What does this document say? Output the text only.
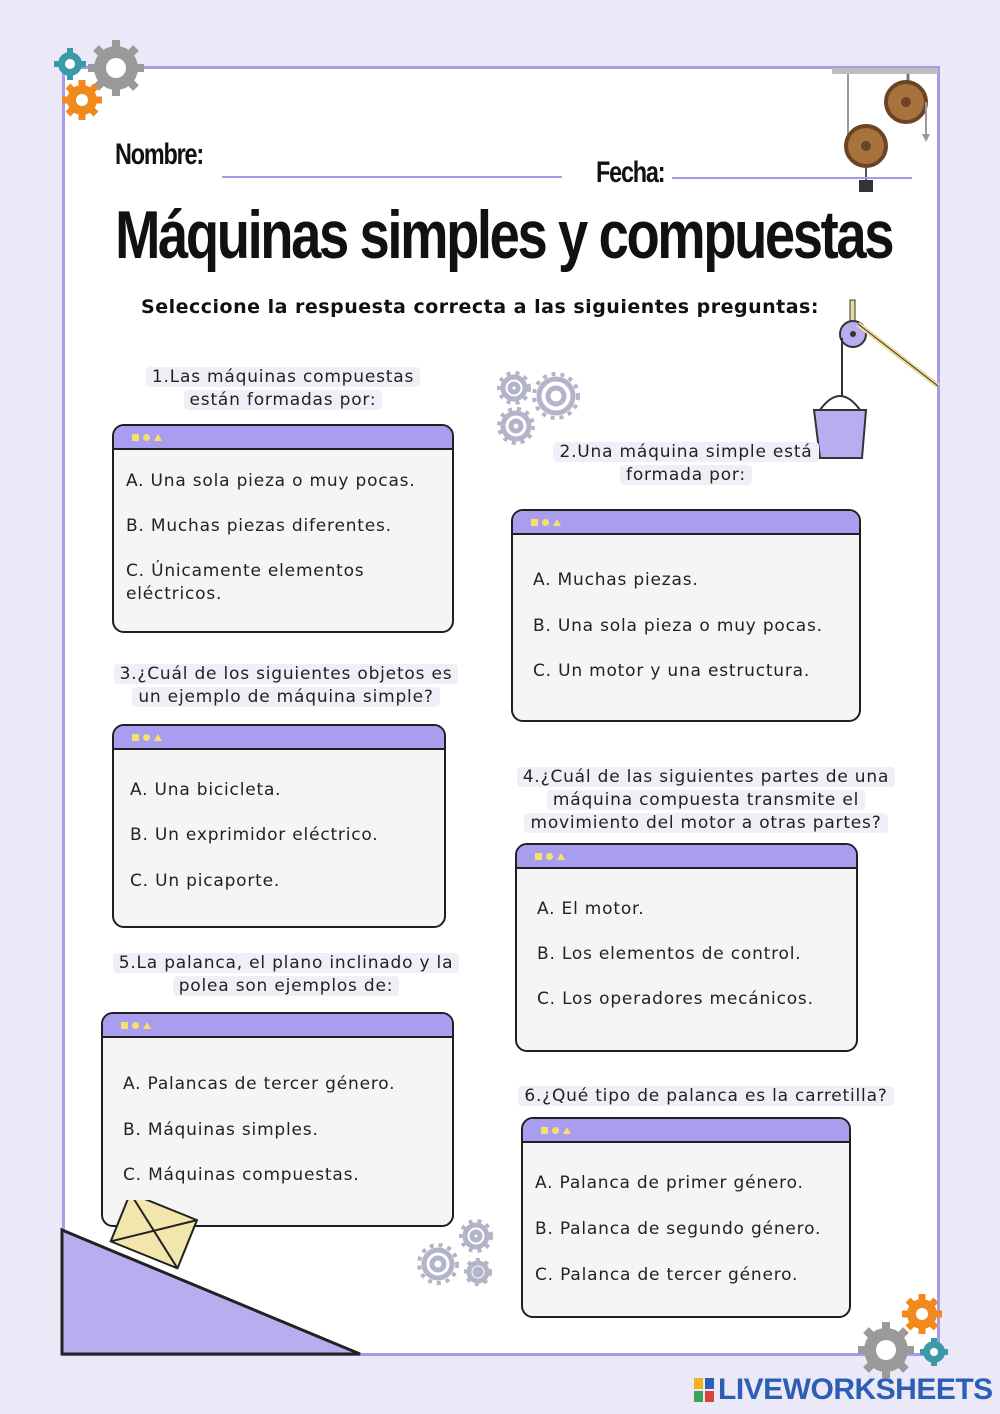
Nombre:
Fecha:
Máquinas simples y compuestas
Seleccione la respuesta correcta a las siguientes preguntas:
1.Las máquinas compuestas
están formadas por:
A. Una sola pieza o muy pocas.
B. Muchas piezas diferentes.
C. Únicamente elementos
eléctricos.
2.Una máquina simple está
formada por:
A. Muchas piezas.
B. Una sola pieza o muy pocas.
C. Un motor y una estructura.
3.¿Cuál de los siguientes objetos es
un ejemplo de máquina simple?
A. Una bicicleta.
B. Un exprimidor eléctrico.
C. Un picaporte.
4.¿Cuál de las siguientes partes de una
máquina compuesta transmite el
movimiento del motor a otras partes?
A. El motor.
B. Los elementos de control.
C. Los operadores mecánicos.
5.La palanca, el plano inclinado y la
polea son ejemplos de:
A. Palancas de tercer género.
B. Máquinas simples.
C. Máquinas compuestas.
6.¿Qué tipo de palanca es la carretilla?
A. Palanca de primer género.
B. Palanca de segundo género.
C. Palanca de tercer género.
LIVEWORKSHEETS
